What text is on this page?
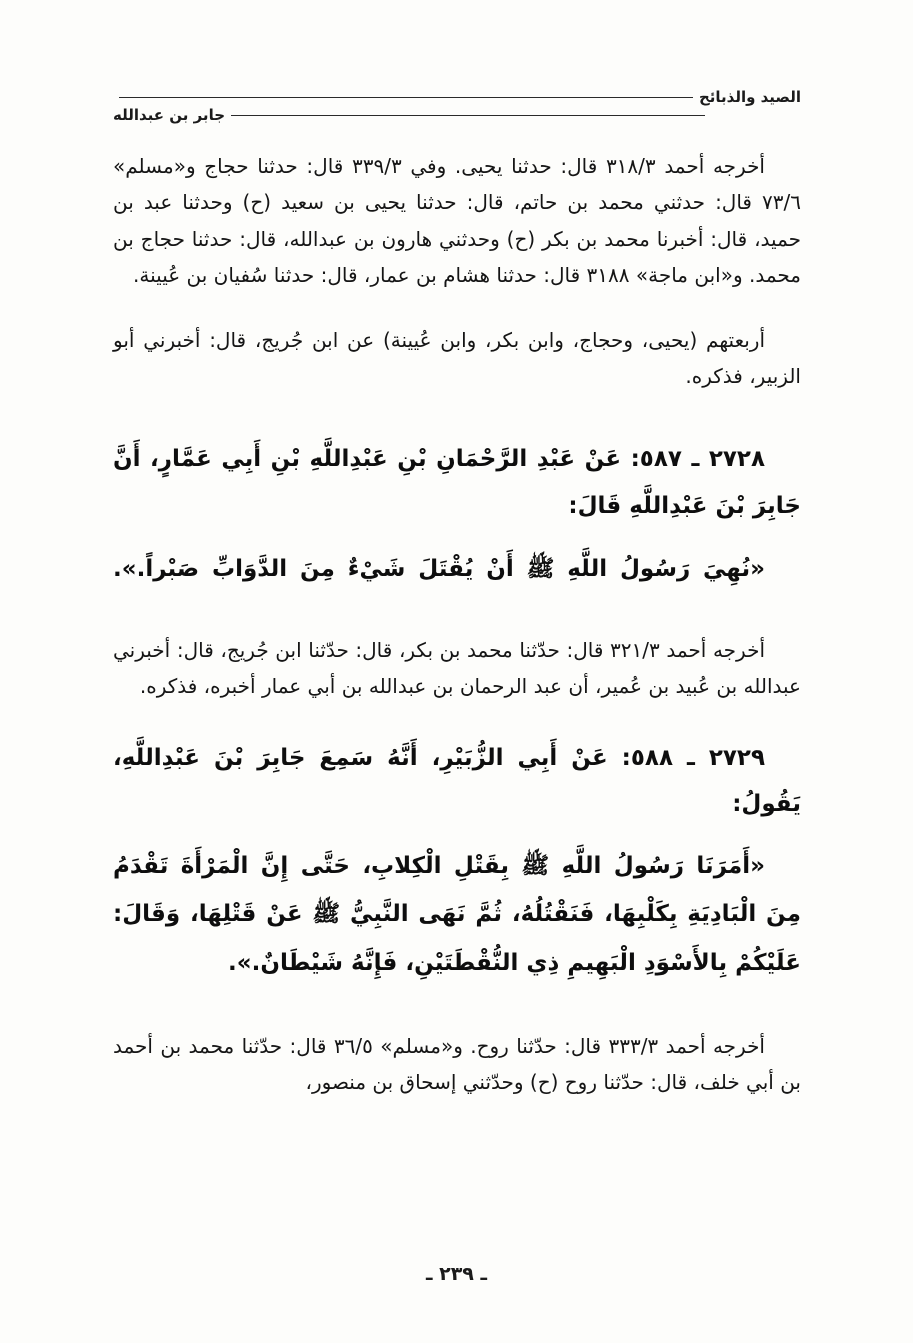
الصيد والذبائح
جابر بن عبدالله

أخرجه أحمد ٣١٨/٣ قال: حدثنا يحيى. وفي ٣٣٩/٣ قال: حدثنا حجاج و«مسلم» ٧٣/٦ قال: حدثني محمد بن حاتم، قال: حدثنا يحيى بن سعيد (ح) وحدثنا عبد بن حميد، قال: أخبرنا محمد بن بكر (ح) وحدثني هارون بن عبدالله، قال: حدثنا حجاج بن محمد. و«ابن ماجة» ٣١٨٨ قال: حدثنا هشام بن عمار، قال: حدثنا سُفيان بن عُيينة.

أربعتهم (يحيى، وحجاج، وابن بكر، وابن عُيينة) عن ابن جُريج، قال: أخبرني أبو الزبير، فذكره.

٢٧٢٨ ـ ٥٨٧: عَنْ عَبْدِ الرَّحْمَانِ بْنِ عَبْدِاللَّهِ بْنِ أَبِي عَمَّارٍ، أَنَّ جَابِرَ بْنَ عَبْدِاللَّهِ قَالَ:

«نُهِيَ رَسُولُ اللَّهِ ﷺ أَنْ يُقْتَلَ شَيْءٌ مِنَ الدَّوَابِّ صَبْراً.».

أخرجه أحمد ٣٢١/٣ قال: حدّثنا محمد بن بكر، قال: حدّثنا ابن جُريج، قال: أخبرني عبدالله بن عُبيد بن عُمير، أن عبد الرحمان بن عبدالله بن أبي عمار أخبره، فذكره.

٢٧٢٩ ـ ٥٨٨: عَنْ أَبِي الزُّبَيْرِ، أَنَّهُ سَمِعَ جَابِرَ بْنَ عَبْدِاللَّهِ، يَقُولُ:

«أَمَرَنَا رَسُولُ اللَّهِ ﷺ بِقَتْلِ الْكِلابِ، حَتَّى إِنَّ الْمَرْأَةَ تَقْدَمُ مِنَ الْبَادِيَةِ بِكَلْبِهَا، فَنَقْتُلُهُ، ثُمَّ نَهَى النَّبِيُّ ﷺ عَنْ قَتْلِهَا، وَقَالَ: عَلَيْكُمْ بِالأَسْوَدِ الْبَهِيمِ ذِي النُّقْطَتَيْنِ، فَإِنَّهُ شَيْطَانٌ.».

أخرجه أحمد ٣٣٣/٣ قال: حدّثنا روح. و«مسلم» ٣٦/٥ قال: حدّثنا محمد بن أحمد بن أبي خلف، قال: حدّثنا روح (ح) وحدّثني إسحاق بن منصور،

ـ ٢٣٩ ـ
